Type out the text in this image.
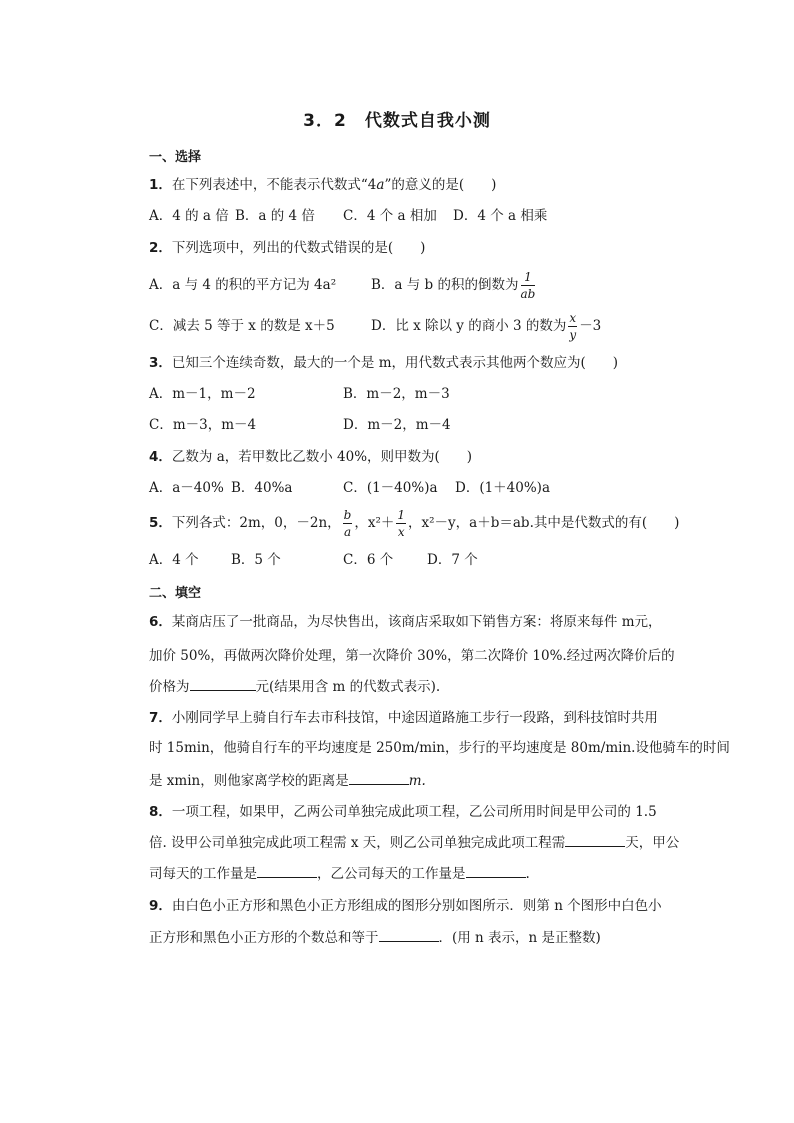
3．2　代数式自我小测
一、选择
1．在下列表述中，不能表示代数式“4a”的意义的是(　　)
A．4 的 a 倍 B．a 的 4 倍 C．4 个 a 相加 D．4 个 a 相乘
2．下列选项中，列出的代数式错误的是(　　)
A．a 与 4 的积的平方记为 4a²	B．a 与 b 的积的倒数为 $\frac{1}{ab}$
C．减去 5 等于 x 的数是 x＋5	D．比 x 除以 y 的商小 3 的数为 $\frac{x}{y} -3$
3．已知三个连续奇数，最大的一个是 m，用代数式表示其他两个数应为(　　)
A．m－1，m－2	B．m－2，m－3
C．m－3，m－4	D．m－2，m－4
4．乙数为 a，若甲数比乙数小 40%，则甲数为(　　)
A．a－40% B．40%a	C．(1－40%)a D．(1＋40%)a
5．下列各式：2m，0，－2n， $\frac{b}{a}$ ，$x^2+ \frac{1}{x}$ ，x²－y，a＋b＝ab.其中是代数式的有(　　)
A．4 个 B．5 个	C．6 个	D．7 个
二、填空
6．某商店压了一批商品，为尽快售出，该商店采取如下销售方案：将原来每件 m元，
加价 50%，再做两次降价处理，第一次降价 30%，第二次降价 10%.经过两次降价后的
价格为	元(结果用含 m 的代数式表示).
7．小刚同学早上骑自行车去市科技馆，中途因道路施工步行一段路，到科技馆时共用
时 15min，他骑自行车的平均速度是 250m/min，步行的平均速度是 80m/min.设他骑车的时间
是 xmin，则他家离学校的距离是	m.
8．一项工程，如果甲，乙两公司单独完成此项工程，乙公司所用时间是甲公司的 1.5
倍. 设甲公司单独完成此项工程需 x 天，则乙公司单独完成此项工程需	天，甲公
司每天的工作量是	，乙公司每天的工作量是	.
9．由白色小正方形和黑色小正方形组成的图形分别如图所示．则第 n 个图形中白色小
正方形和黑色小正方形的个数总和等于	．(用 n 表示，n 是正整数)
